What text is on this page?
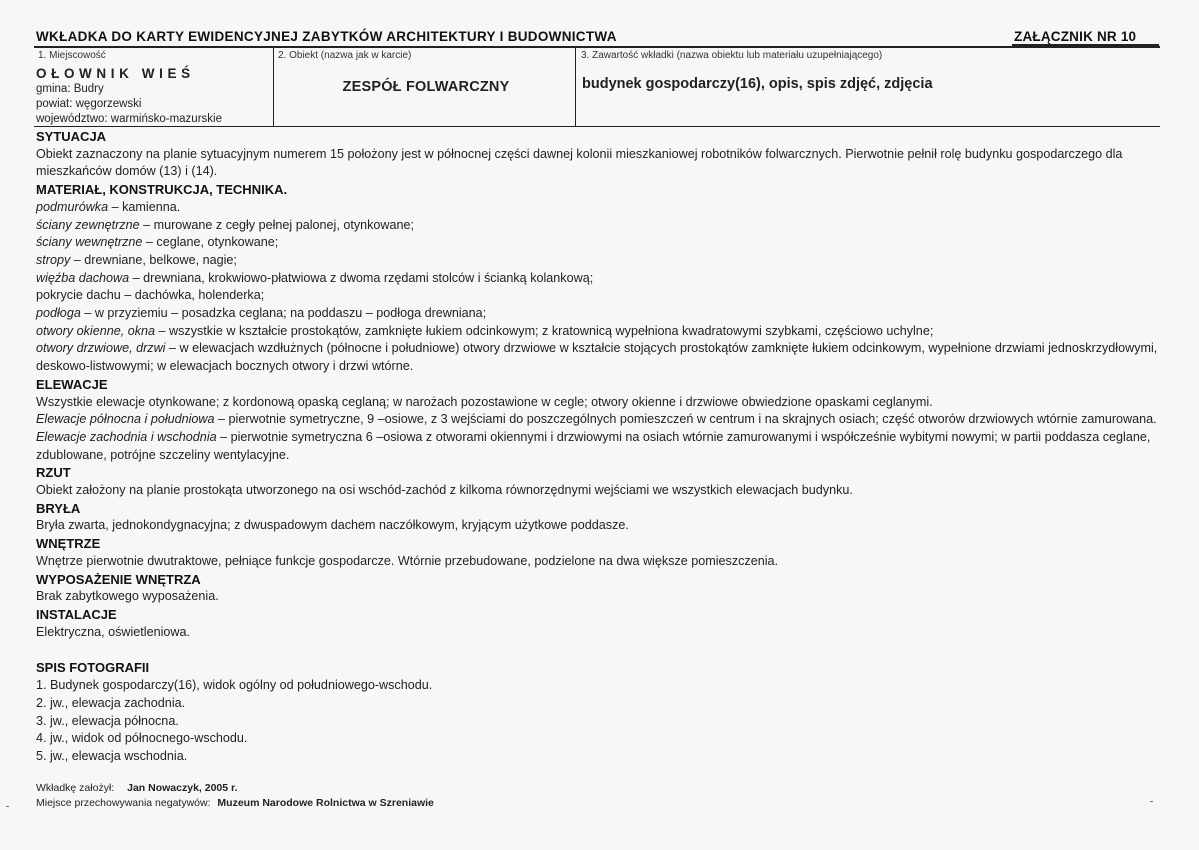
WKŁADKA DO KARTY EWIDENCYJNEJ ZABYTKÓW ARCHITEKTURY I BUDOWNICTWA	ZAŁĄCZNIK NR 10
1. Miejscowość
OŁOWNIK WIEŚ
gmina: Budry
powiat: węgorzewski
województwo: warmińsko-mazurskie
2. Obiekt (nazwa jak w karcie)
ZESPÓŁ FOLWARCZNY
3. Zawartość wkładki (nazwa obiektu lub materiału uzupełniającego)
budynek gospodarczy(16), opis, spis zdjęć, zdjęcia
SYTUACJA

Obiekt zaznaczony na planie sytuacyjnym numerem 15 położony jest w północnej części dawnej kolonii mieszkaniowej robotników folwarcznych. Pierwotnie pełnił rolę budynku gospodarczego dla mieszkańców domów (13) i (14).

MATERIAŁ, KONSTRUKCJA, TECHNIKA.

podmurówka – kamienna.

ściany zewnętrzne – murowane z cegły pełnej palonej, otynkowane;

ściany wewnętrzne – ceglane, otynkowane;

stropy – drewniane, belkowe, nagie;

więźba dachowa – drewniana, krokwiowo-płatwiowa z dwoma rzędami stolców i ścianką kolankową;

pokrycie dachu – dachówka, holenderka;

podłoga – w przyziemiu – posadzka ceglana; na poddaszu – podłoga drewniana;

otwory okienne, okna – wszystkie w kształcie prostokątów, zamknięte łukiem odcinkowym; z kratownicą wypełniona kwadratowymi szybkami, częściowo uchylne;

otwory drzwiowe, drzwi – w elewacjach wzdłużnych (północne i południowe) otwory drzwiowe w kształcie stojących prostokątów zamknięte łukiem odcinkowym, wypełnione drzwiami jednoskrzydłowymi, deskowo-listwowymi; w elewacjach bocznych otwory i drzwi wtórne.

ELEWACJE

Wszystkie elewacje otynkowane; z kordonową opaską ceglaną; w narożach pozostawione w cegle; otwory okienne i drzwiowe obwiedzione opaskami ceglanymi.

Elewacje północna i południowa – pierwotnie symetryczne, 9 –osiowe, z 3 wejściami do poszczególnych pomieszczeń w centrum i na skrajnych osiach; część otworów drzwiowych wtórnie zamurowana.

Elewacje zachodnia i wschodnia – pierwotnie symetryczna 6 –osiowa z otworami okiennymi i drzwiowymi na osiach wtórnie zamurowanymi i współcześnie wybitymi nowymi; w partii poddasza ceglane, zdublowane, potrójne szczeliny wentylacyjne.

RZUT

Obiekt założony na planie prostokąta utworzonego na osi wschód-zachód z kilkoma równorzędnymi wejściami we wszystkich elewacjach budynku.

BRYŁA

Bryła zwarta, jednokondygnacyjna; z dwuspadowym dachem naczółkowym, kryjącym użytkowe poddasze.

WNĘTRZE

Wnętrze pierwotnie dwutraktowe, pełniące funkcje gospodarcze. Wtórnie przebudowane, podzielone na dwa większe pomieszczenia.

WYPOSAŻENIE WNĘTRZA

Brak zabytkowego wyposażenia.

INSTALACJE

Elektryczna, oświetleniowa.

SPIS FOTOGRAFII

1. Budynek gospodarczy(16), widok ogólny od południowego-wschodu.

2. jw., elewacja zachodnia.

3. jw., elewacja północna.

4. jw., widok od północnego-wschodu.

5. jw., elewacja wschodnia.

Wkładkę założył: Jan Nowaczyk, 2005 r.
Miejsce przechowywania negatywów: Muzeum Narodowe Rolnictwa w Szreniawie
